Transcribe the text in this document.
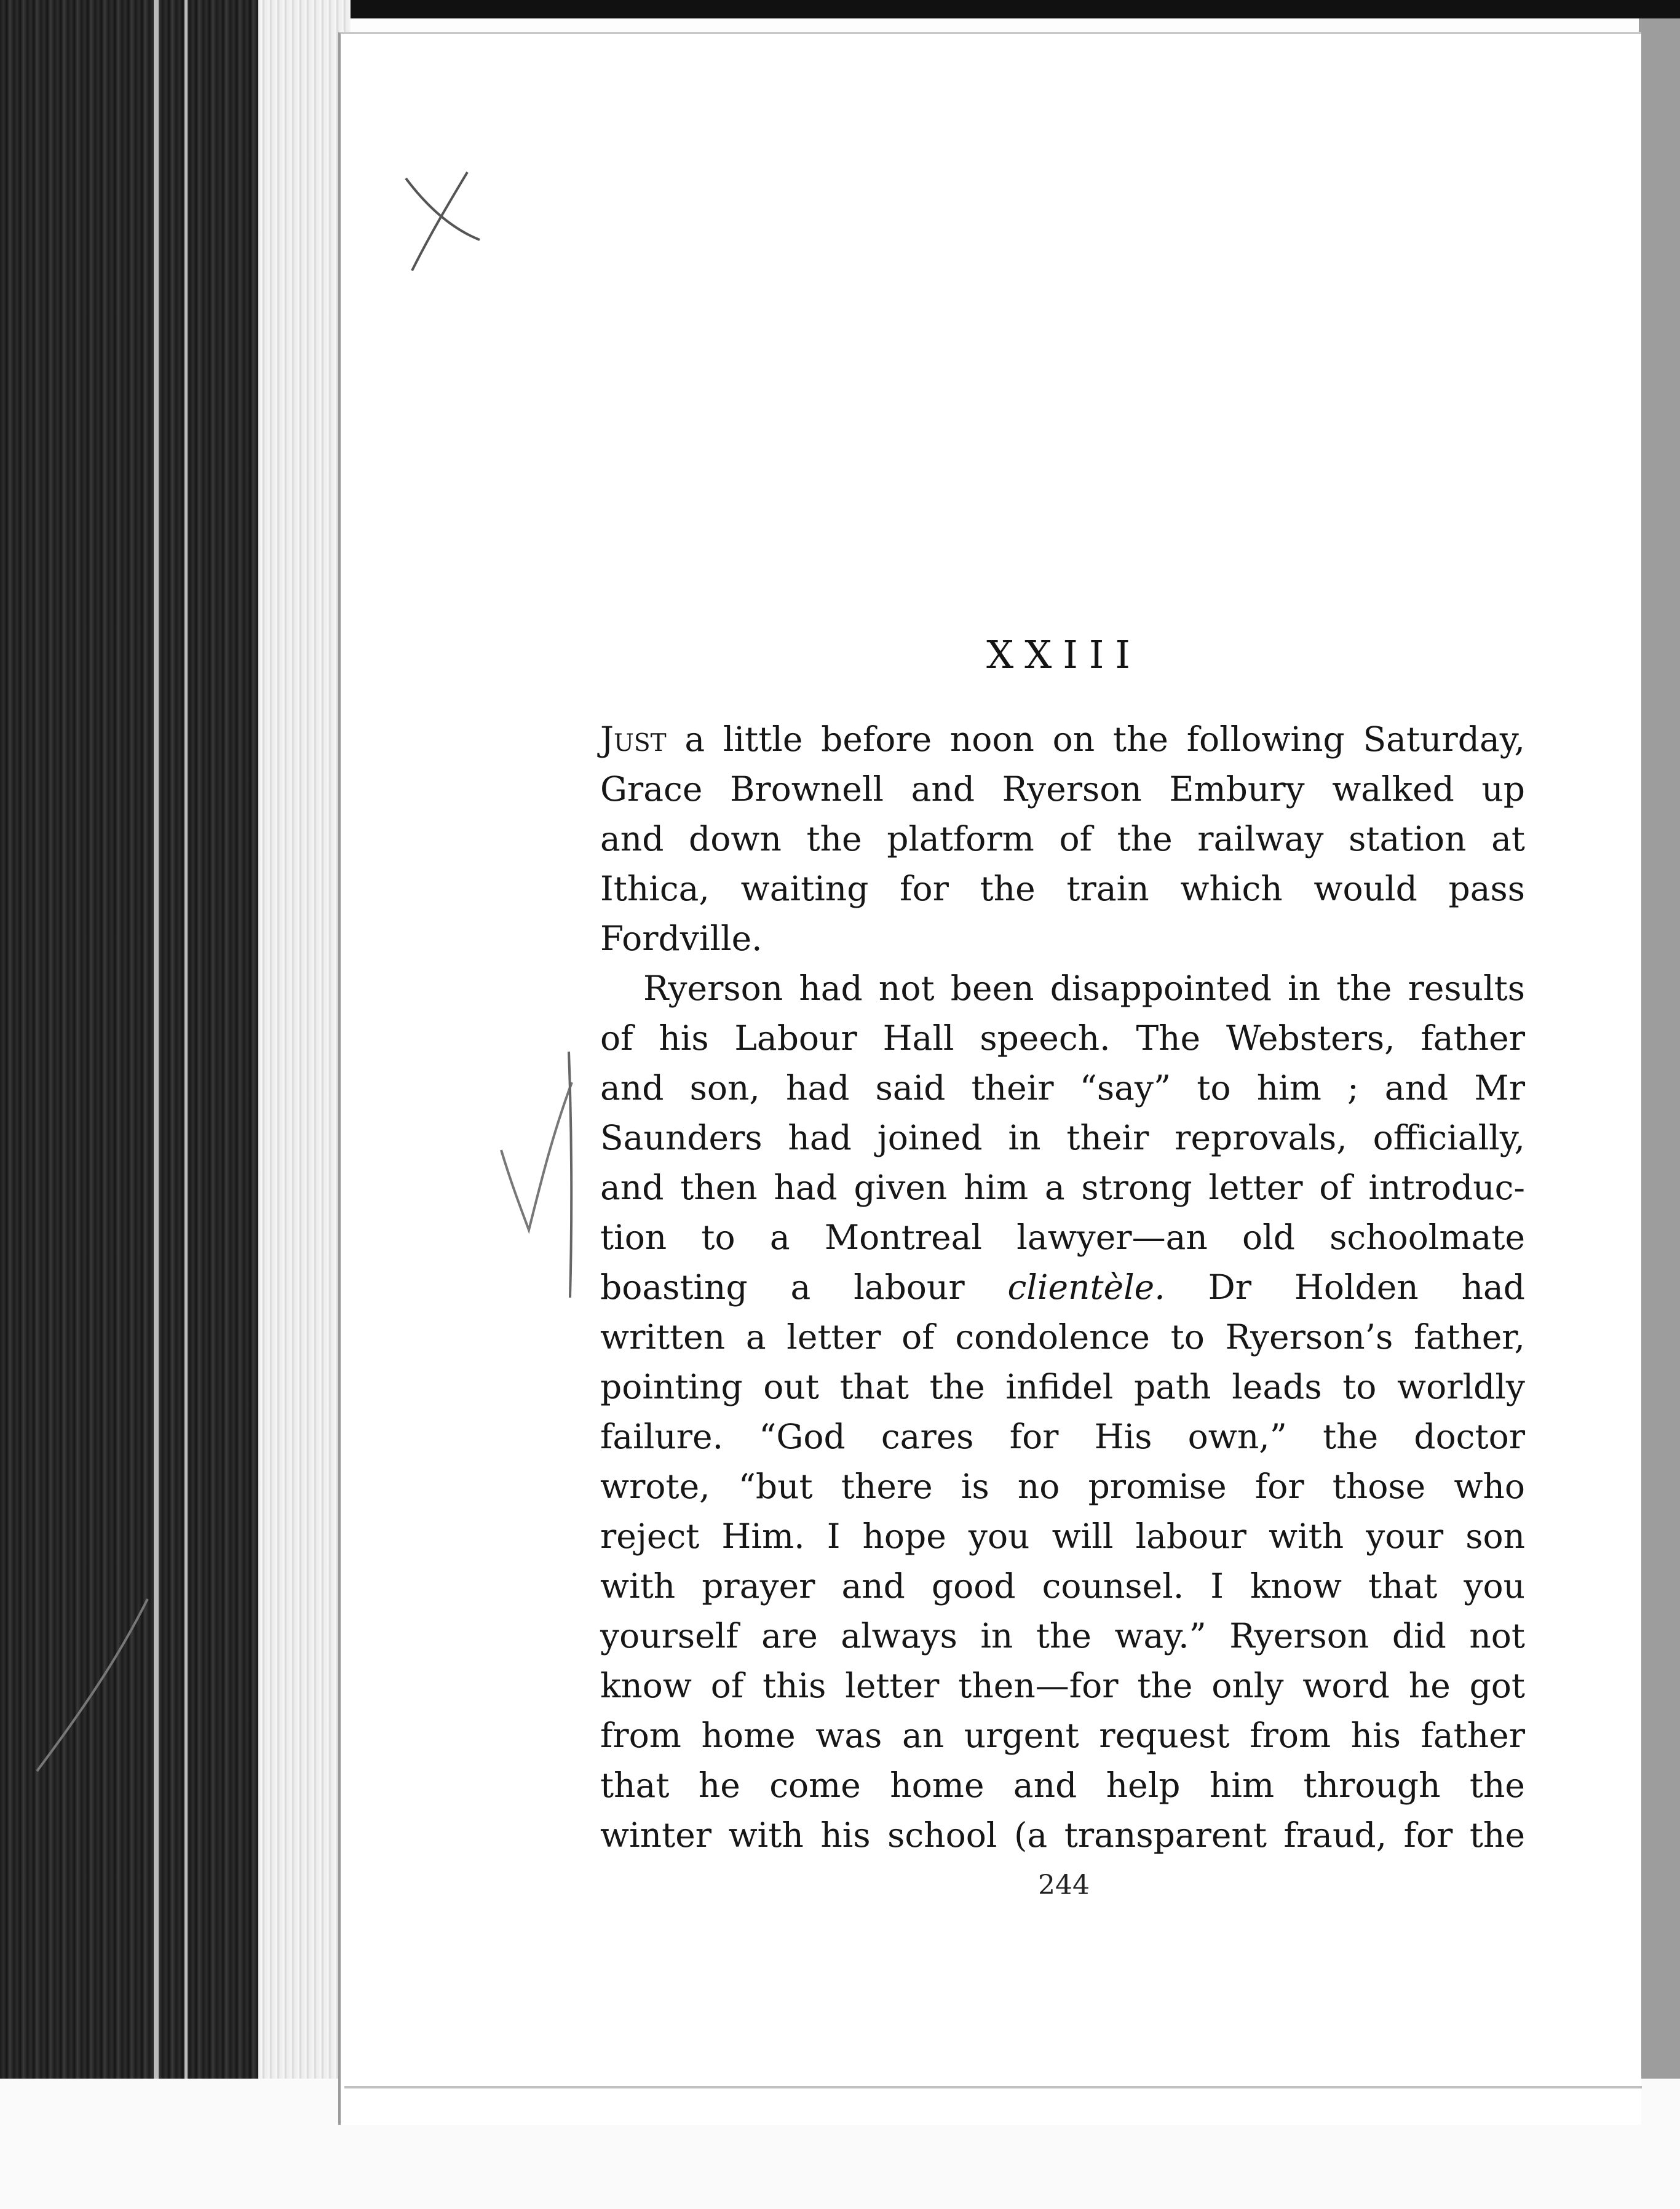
XXIII
Just a little before noon on the following Saturday,
Grace Brownell and Ryerson Embury walked up
and down the platform of the railway station at
Ithica, waiting for the train which would pass
Fordville.
Ryerson had not been disappointed in the results
of his Labour Hall speech. The Websters, father
and son, had said their “say” to him ; and Mr
Saunders had joined in their reprovals, officially,
and then had given him a strong letter of introduc-
tion to a Montreal lawyer—an old schoolmate
boasting a labour clientèle. Dr Holden had
written a letter of condolence to Ryerson’s father,
pointing out that the infidel path leads to worldly
failure. “God cares for His own,” the doctor
wrote, “but there is no promise for those who
reject Him. I hope you will labour with your son
with prayer and good counsel. I know that you
yourself are always in the way.” Ryerson did not
know of this letter then—for the only word he got
from home was an urgent request from his father
that he come home and help him through the
winter with his school (a transparent fraud, for the
244
